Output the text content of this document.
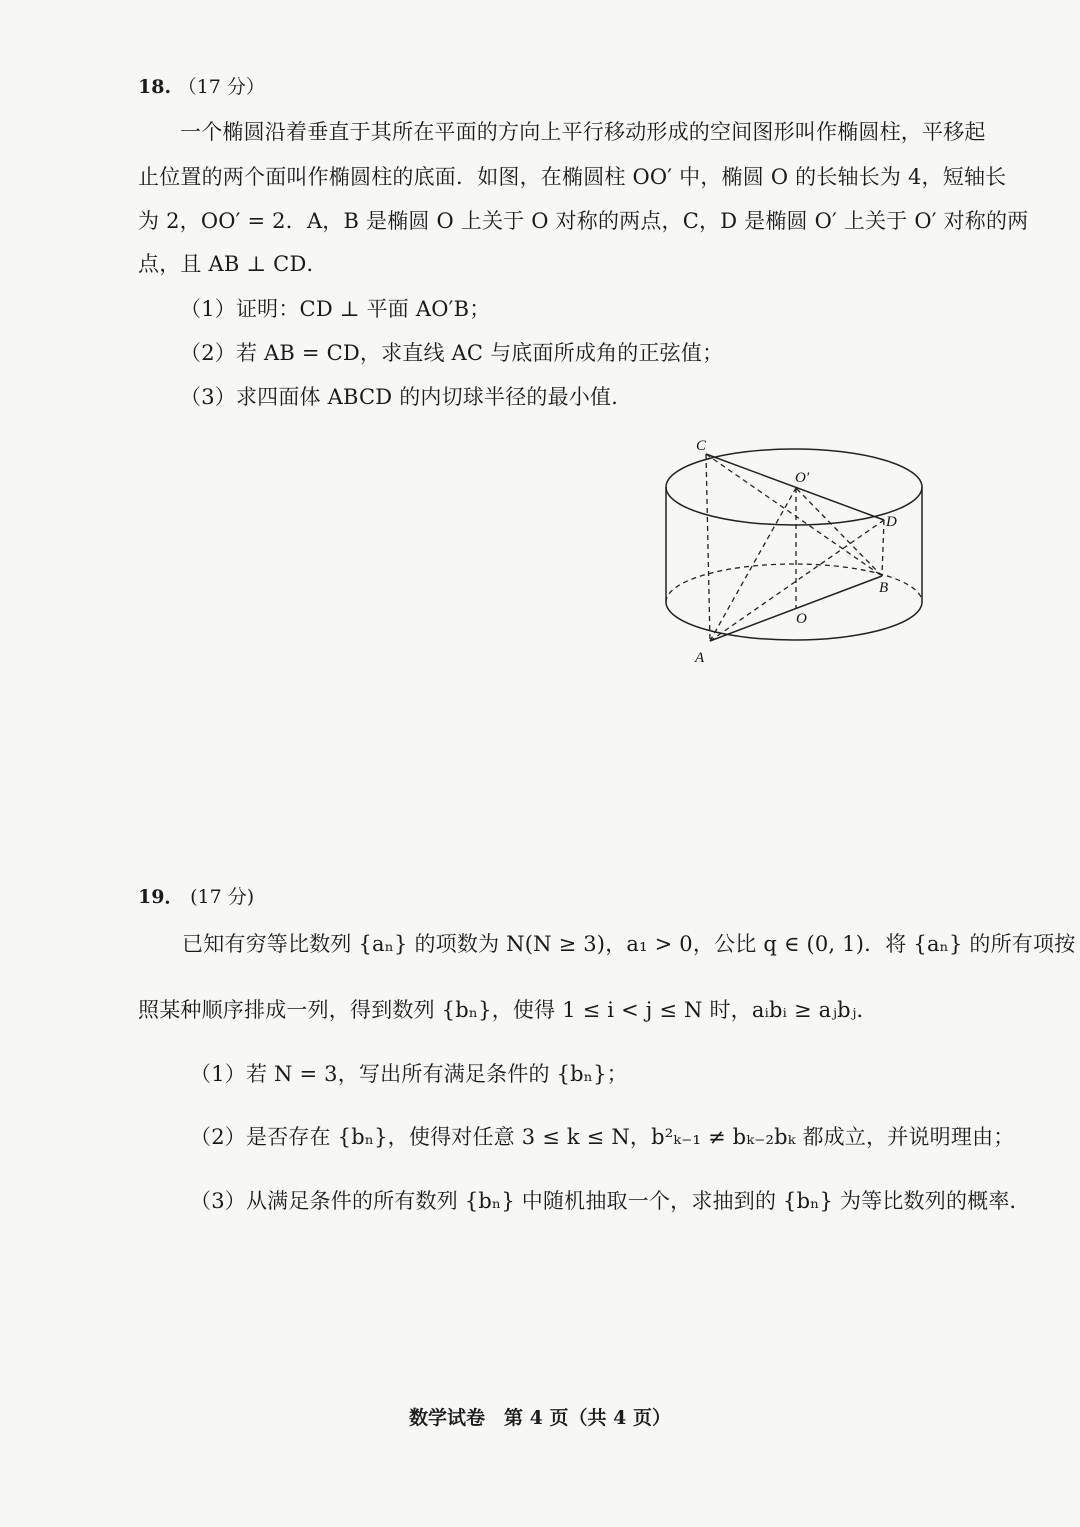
18. （17 分）
一个椭圆沿着垂直于其所在平面的方向上平行移动形成的空间图形叫作椭圆柱，平移起
止位置的两个面叫作椭圆柱的底面．如图，在椭圆柱 OO′ 中，椭圆 O 的长轴长为 4，短轴长
为 2，OO′ = 2．A，B 是椭圆 O 上关于 O 对称的两点，C，D 是椭圆 O′ 上关于 O′ 对称的两
点，且 AB ⊥ CD．
（1）证明：CD ⊥ 平面 AO′B；
（2）若 AB = CD，求直线 AC 与底面所成角的正弦值；
（3）求四面体 ABCD 的内切球半径的最小值．
C
O′
D
B
O
A
19． (17 分)
已知有穷等比数列 {aₙ} 的项数为 N(N ≥ 3)，a₁ > 0，公比 q ∈ (0, 1)．将 {aₙ} 的所有项按
照某种顺序排成一列，得到数列 {bₙ}，使得 1 ≤ i < j ≤ N 时，aᵢbᵢ ≥ aⱼbⱼ．
（1）若 N = 3，写出所有满足条件的 {bₙ}；
（2）是否存在 {bₙ}，使得对任意 3 ≤ k ≤ N，b²ₖ₋₁ ≠ bₖ₋₂bₖ 都成立，并说明理由；
（3）从满足条件的所有数列 {bₙ} 中随机抽取一个，求抽到的 {bₙ} 为等比数列的概率．
数学试卷　第 4 页（共 4 页）
